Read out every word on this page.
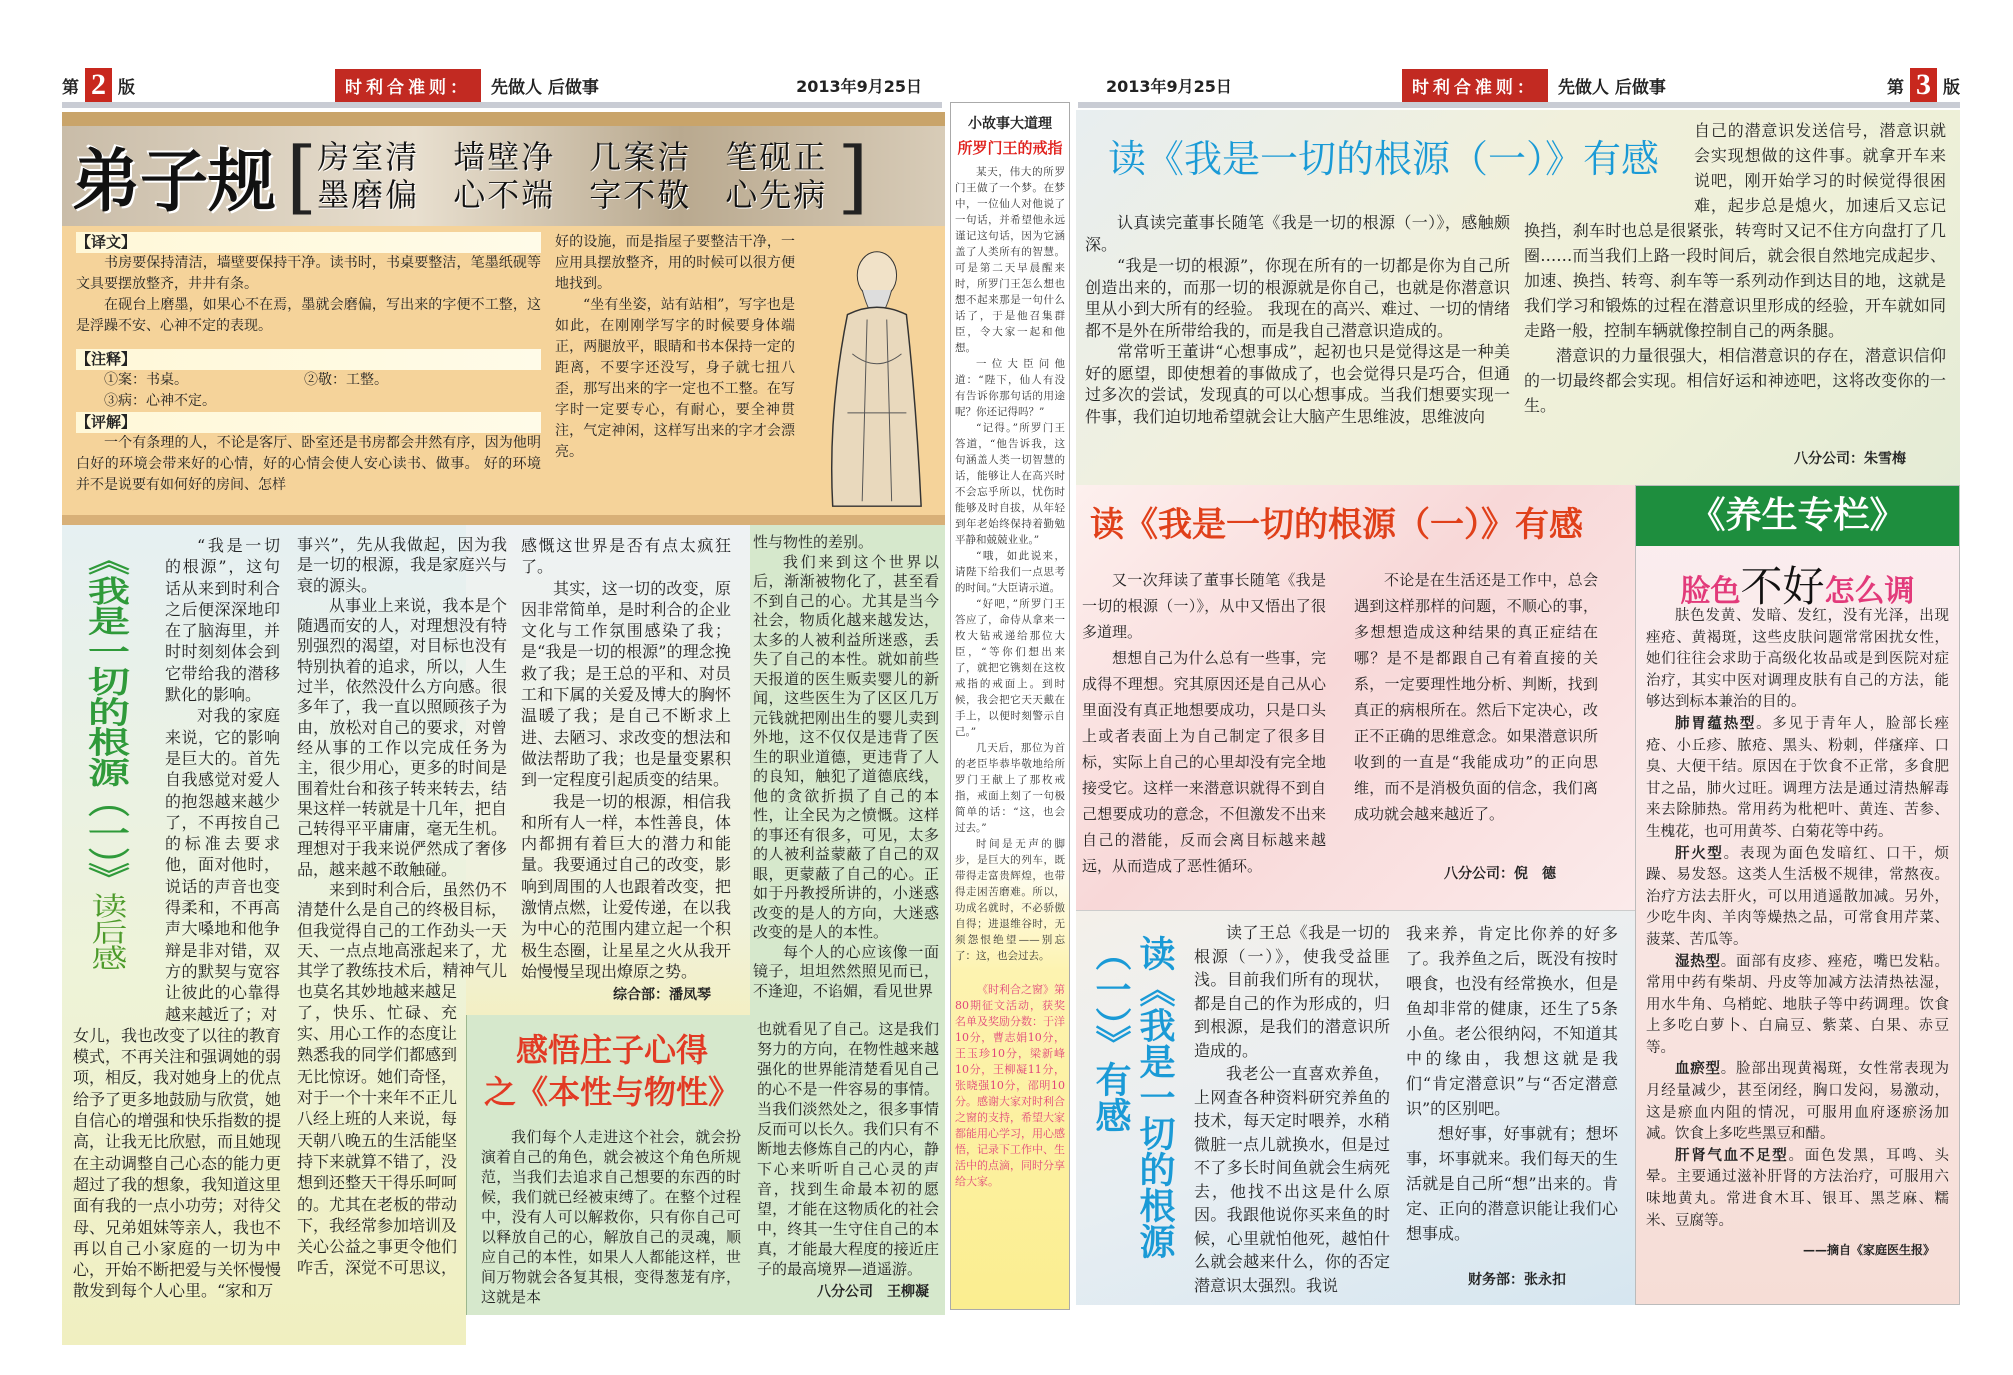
第 2 版	时利合准则：	先做人 后做事	2013年9月25日	2013年9月25日	时利合准则：	先做人 后做事	第 3 版
弟子规 [ 房室清　墙壁净　几案洁　笔砚正
墨磨偏　心不端　字不敬　心先病 ]
【译文】

书房要保持清洁，墙壁要保持干净。读书时，书桌要整洁，笔墨纸砚等文具要摆放整齐，井井有条。

在砚台上磨墨，如果心不在焉，墨就会磨偏，写出来的字便不工整，这是浮躁不安、心神不定的表现。

【注释】
①案：书桌。	②敬：工整。
③病：心神不定。
【评解】

一个有条理的人，不论是客厅、卧室还是书房都会井然有序，因为他明白好的环境会带来好的心情，好的心情会使人安心读书、做事。 好的环境并不是说要有如何好的房间、怎样

好的设施，而是指屋子要整洁干净，一应用具摆放整齐，用的时候可以很方便地找到。

“坐有坐姿，站有站相”，写字也是如此，在刚刚学写字的时候要身体端正，两腿放平，眼睛和书本保持一定的距离，不要字还没写，身子就七扭八歪，那写出来的字一定也不工整。在写字时一定要专心，有耐心，要全神贯注，气定神闲，这样写出来的字才会漂亮。

《我是一切的根源（一）》读后感

“我是一切的根源”，这句话从来到时利合之后便深深地印在了脑海里，并时时刻刻体会到它带给我的潜移默化的影响。

对我的家庭来说，它的影响是巨大的。首先自我感觉对爱人的抱怨越来越少了，不再按自己的标准去要求他，面对他时，说话的声音也变得柔和，不再高声大嗓地和他争辩是非对错，双方的默契与宽容让彼此的心靠得越来越近了；对

女儿，我也改变了以往的教育模式，不再关注和强调她的弱项，相反，我对她身上的优点给予了更多地鼓励与欣赏，她自信心的增强和快乐指数的提高，让我无比欣慰，而且她现在主动调整自己心态的能力更超过了我的想象，我知道这里面有我的一点小功劳；对待父母、兄弟姐妹等亲人，我也不再以自己小家庭的一切为中心，开始不断把爱与关怀慢慢散发到每个人心里。“家和万

事兴”，先从我做起，因为我是一切的根源，我是家庭兴与衰的源头。

从事业上来说，我本是个随遇而安的人，对理想没有特别强烈的渴望，对目标也没有特别执着的追求，所以，人生过半，依然没什么方向感。很多年了，我一直以照顾孩子为由，放松对自己的要求，对曾经从事的工作以完成任务为主，很少用心，更多的时间是围着灶台和孩子转来转去，结果这样一转就是十几年，把自己转得平平庸庸，毫无生机。理想对于我来说俨然成了奢侈品，越来越不敢触碰。

来到时利合后，虽然仍不清楚什么是自己的终极目标，但我觉得自己的工作劲头一天天、一点点地高涨起来了，尤其学了教练技术后，精神气儿也莫名其妙地越来越足

了，快乐、忙碌、充实、用心工作的态度让熟悉我的同学们都感到无比惊讶。她们奇怪，对于一个十来年不正儿八经上班的人来说，每天朝八晚五的生活能坚持下来就算不错了，没想到还整天干得乐呵呵的。尤其在老板的带动下，我经常参加培训及关心公益之事更令他们咋舌，深觉不可思议，

感慨这世界是否有点太疯狂了。

其实，这一切的改变，原因非常简单，是时利合的企业文化与工作氛围感染了我；是“我是一切的根源”的理念挽救了我；是王总的平和、对员工和下属的关爱及博大的胸怀温暖了我；是自己不断求上进、去陋习、求改变的想法和做法帮助了我；也是量变累积到一定程度引起质变的结果。

我是一切的根源，相信我和所有人一样，本性善良，体内都拥有着巨大的潜力和能量。我要通过自己的改变，影响到周围的人也跟着改变，把激情点燃，让爱传递，在以我为中心的范围内建立起一个积极生态圈，让星星之火从我开始慢慢呈现出燎原之势。

综合部：潘凤琴

性与物性的差别。

我们来到这个世界以后，渐渐被物化了，甚至看不到自己的心。尤其是当今社会，物质化越来越发达，太多的人被利益所迷惑，丢失了自己的本性。就如前些天报道的医生贩卖婴儿的新闻，这些医生为了区区几万元钱就把刚出生的婴儿卖到外地，这不仅仅是违背了医生的职业道德，更违背了人的良知，触犯了道德底线，他的贪欲折损了自己的本性，让全民为之愤慨。这样的事还有很多，可见，太多的人被利益蒙蔽了自己的双眼，更蒙蔽了自己的心。正如于丹教授所讲的，小迷惑改变的是人的方向，大迷惑改变的是人的本性。

每个人的心应该像一面镜子，坦坦然然照见而已，不逢迎，不谄媚，看见世界

感悟庄子心得
之《本性与物性》

我们每个人走进这个社会，就会扮演着自己的角色，就会被这个角色所规范，当我们去追求自己想要的东西的时候，我们就已经被束缚了。在整个过程中，没有人可以解救你，只有你自己可以释放自己的心，解放自己的灵魂，顺应自己的本性，如果人人都能这样，世间万物就会各复其根，变得葱茏有序，这就是本

也就看见了自己。这是我们努力的方向，在物性越来越强化的世界能清楚看见自己的心不是一件容易的事情。当我们淡然处之，很多事情反而可以长久。我们只有不断地去修炼自己的内心，静下心来听听自己心灵的声音，找到生命最本初的愿望，才能在这物质化的社会中，终其一生守住自己的本真，才能最大程度的接近庄子的最高境界—逍遥游。
八分公司　王柳凝
小故事大道理
所罗门王的戒指

某天，伟大的所罗门王做了一个梦。在梦中，一位仙人对他说了一句话，并希望他永远谨记这句话，因为它涵盖了人类所有的智慧。可是第二天早晨醒来时，所罗门王怎么想也想不起来那是一句什么话了，于是他召集群臣，令大家一起和他想。

一位大臣问他道：“陛下，仙人有没有告诉你那句话的用途呢？你还记得吗？”

“记得。”所罗门王答道，“他告诉我，这句涵盖人类一切智慧的话，能够让人在高兴时不会忘乎所以，忧伤时能够及时自拔，从年轻到年老始终保持着勤勉平静和兢兢业业。”

“哦，如此说来，请陛下给我们一点思考的时间。”大臣请示道。

“好吧，”所罗门王答应了，命侍从拿来一枚大钻戒递给那位大臣，“等你们想出来了，就把它镌刻在这枚戒指的戒面上。到时候，我会把它天天戴在手上，以便时刻警示自己。”

几天后，那位为首的老臣毕恭毕敬地给所罗门王献上了那枚戒指，戒面上刻了一句极简单的话：“这，也会过去。”

时间是无声的脚步，是巨大的列车，既带得走富贵辉煌，也带得走困苦磨难。所以，功成名就时，不必骄傲自得；进退维谷时，无须怨恨绝望——别忘了：这，也会过去。

《时利合之窗》第80期征文活动，获奖名单及奖励分数：于洋10分，曹志娟10分，王玉珍10分，梁新峰10分，王柳凝11分，张晓强10分，邵明10分。感谢大家对时利合之窗的支持，希望大家都能用心学习，用心感悟，记录下工作中、生活中的点滴，同时分享给大家。

读《我是一切的根源（一）》有感

认真读完董事长随笔《我是一切的根源（一）》，感触颇深。

“我是一切的根源”，你现在所有的一切都是你为自己所创造出来的，而那一切的根源就是你自己，也就是你潜意识里从小到大所有的经验。 我现在的高兴、难过、一切的情绪都不是外在所带给我的，而是我自己潜意识造成的。

常常听王董讲“心想事成”，起初也只是觉得这是一种美好的愿望，即使想着的事做成了，也会觉得只是巧合，但通过多次的尝试，发现真的可以心想事成。当我们想要实现一件事，我们迫切地希望就会让大脑产生思维波，思维波向

自己的潜意识发送信号，潜意识就会实现想做的这件事。就拿开车来说吧，刚开始学习的时候觉得很困难，起步总是熄火，加速后又忘记换挡，刹车时也总是很紧张，转弯时又记不住方向盘打了几圈……而当我们上路一段时间后，就会很自然地完成起步、加速、换挡、转弯、刹车等一系列动作到达目的地，这就是我们学习和锻炼的过程在潜意识里形成的经验，开车就如同走路一般，控制车辆就像控制自己的两条腿。

潜意识的力量很强大，相信潜意识的存在，潜意识信仰的一切最终都会实现。相信好运和神迹吧，这将改变你的一生。

八分公司：朱雪梅
读《我是一切的根源（一）》有感

又一次拜读了董事长随笔《我是一切的根源（一）》，从中又悟出了很多道理。

想想自己为什么总有一些事，完成得不理想。究其原因还是自己从心里面没有真正地想要成功，只是口头上或者表面上为自己制定了很多目标，实际上自己的心里却没有完全地接受它。这样一来潜意识就得不到自己想要成功的意念，不但激发不出来自己的潜能，反而会离目标越来越远，从而造成了恶性循环。

不论是在生活还是工作中，总会遇到这样那样的问题，不顺心的事，多想想造成这种结果的真正症结在哪？是不是都跟自己有着直接的关系，一定要理性地分析、判断，找到真正的病根所在。然后下定决心，改正不正确的思维意念。如果潜意识所收到的一直是“我能成功”的正向思维，而不是消极负面的信念，我们离成功就会越来越近了。

八分公司：倪　德
读《我是一切的根源（一）》有感

读了王总《我是一切的根源（一）》，使我受益匪浅。目前我们所有的现状，都是自己的作为形成的，归到根源，是我们的潜意识所造成的。

我老公一直喜欢养鱼，上网查各种资料研究养鱼的技术，每天定时喂养，水稍微脏一点儿就换水，但是过不了多长时间鱼就会生病死去，他找不出这是什么原因。我跟他说你买来鱼的时候，心里就怕他死，越怕什么就会越来什么，你的否定潜意识太强烈。我说

我来养，肯定比你养的好多了。我养鱼之后，既没有按时喂食，也没有经常换水，但是鱼却非常的健康，还生了5条小鱼。老公很纳闷，不知道其中的缘由，我想这就是我们“肯定潜意识”与“否定潜意识”的区别吧。

想好事，好事就有；想坏事，坏事就来。我们每天的生活就是自己所“想”出来的。肯定、正向的潜意识能让我们心想事成。

财务部：张永扣
《养生专栏》
脸色不好怎么调

肤色发黄、发暗、发红，没有光泽，出现痤疮、黄褐斑，这些皮肤问题常常困扰女性，她们往往会求助于高级化妆品或是到医院对症治疗，其实中医对调理皮肤有自己的方法，能够达到标本兼治的目的。

肺胃蕴热型。多见于青年人，脸部长痤疮、小丘疹、脓疮、黑头、粉刺，伴瘙痒、口臭、大便干结。原因在于饮食不正常，多食肥甘之品，肺火过旺。调理方法是通过清热解毒来去除肺热。常用药为枇杷叶、黄连、苦参、生槐花，也可用黄芩、白菊花等中药。

肝火型。表现为面色发暗红、口干，烦躁、易发怒。这类人生活极不规律，常熬夜。治疗方法去肝火，可以用逍遥散加减。另外，少吃牛肉、羊肉等燥热之品，可常食用芹菜、菠菜、苦瓜等。

湿热型。面部有皮疹、痤疮，嘴巴发粘。常用中药有柴胡、丹皮等加减方法清热祛湿，用水牛角、乌梢蛇、地肤子等中药调理。饮食上多吃白萝卜、白扁豆、紫菜、白果、赤豆等。

血瘀型。脸部出现黄褐斑，女性常表现为月经量减少，甚至闭经，胸口发闷，易激动，这是瘀血内阻的情况，可服用血府逐瘀汤加减。饮食上多吃些黑豆和醋。

肝肾气血不足型。面色发黑，耳鸣、头晕。主要通过滋补肝肾的方法治疗，可服用六味地黄丸。常进食木耳、银耳、黑芝麻、糯米、豆腐等。

——摘自《家庭医生报》
